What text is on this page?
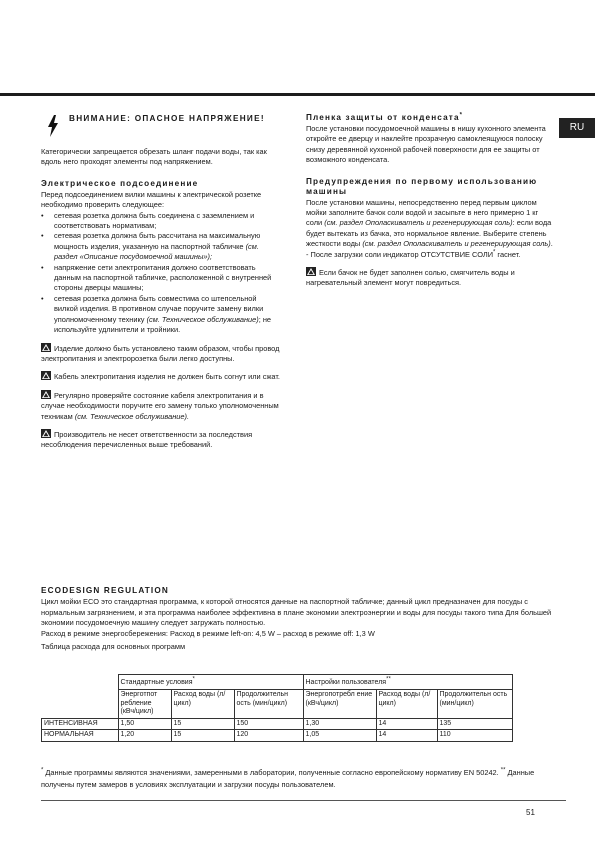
RU
ВНИМАНИЕ: ОПАСНОЕ НАПРЯЖЕНИЕ!

Категорически запрещается обрезать шланг подачи воды, так как вдоль него проходят элементы под напряжением.

Электрическое подсоединение

Перед подсоединением вилки машины к электрической розетке необходимо проверить следующее:

• сетевая розетка должна быть соединена с заземлением и соответствовать нормативам;
• сетевая розетка должна быть рассчитана на максимальную мощность изделия, указанную на паспортной табличке (см. раздел «Описание посудомоечной машины»);
• напряжение сети электропитания должно соответствовать данным на паспортной табличке, расположенной с внутренней стороны дверцы машины;
• сетевая розетка должна быть совместима со штепсельной вилкой изделия. В противном случае поручите замену вилки уполномоченному технику (см. Техническое обслуживание); не используйте удлинители и тройники.

Изделие должно быть установлено таким образом, чтобы провод электропитания и электророзетка были легко доступны.

Кабель электропитания изделия не должен быть согнут или сжат.

Регулярно проверяйте состояние кабеля электропитания и в случае необходимости поручите его замену только уполномоченным техникам (см. Техническое обслуживание).

Производитель не несет ответственности за последствия несоблюдения перечисленных выше требований.

Пленка защиты от конденсата*

После установки посудомоечной машины в нишу кухонного элемента откройте ее дверцу и наклейте прозрачную самоклеящуюся полоску снизу деревянной кухонной рабочей поверхности для ее защиты от возможного конденсата.

Предупреждения по первому использованию машины

После установки машины, непосредственно перед первым циклом мойки заполните бачок соли водой и засыпьте в него примерно 1 кг соли (см. раздел Ополаскиватель и регенерирующая соль): если вода будет вытекать из бачка, это нормальное явление. Выберите степень жесткости воды (см. раздел Ополаскиватель и регенерирующая соль).
- После загрузки соли индикатор ОТСУТСТВИЕ СОЛИ* гаснет.

Если бачок не будет заполнен солью, смягчитель воды и нагревательный элемент могут повредиться.

ECODESIGN REGULATION

Цикл мойки ECO это стандартная программа, к которой относятся данные на паспортной табличке; данный цикл предназначен для посуды с нормальным загрязнением, и эта программа наиболее эффективна в плане экономии электроэнергии и воды для посуды такого типа Для большей экономии посудомоечную машину следует загружать полностью.

Расход в режиме энергосбережения: Расход в режиме left-on: 4,5 W – расход в режиме off: 1,3 W

Таблица расхода для основных программ

	Стандартные условия*			Настройки пользователя**
	Энерготпот ребление (кВч/цикл)	Расход воды (л/цикл)	Продолжительн ость (мин/цикл)	Энергопотребл ение (кВч/цикл)	Расход воды (л/цикл)	Продолжительн ость (мин/цикл)
ИНТЕНСИВНАЯ	1,50	15	150	1,30	14	135
НОРМАЛЬНАЯ	1,20	15	120	1,05	14	110
* Данные программы являются значениями, замеренными в лаборатории, полученные согласно европейскому нормативу EN 50242. ** Данные получены путем замеров в условиях эксплуатации и загрузки посуды пользователем.
51
